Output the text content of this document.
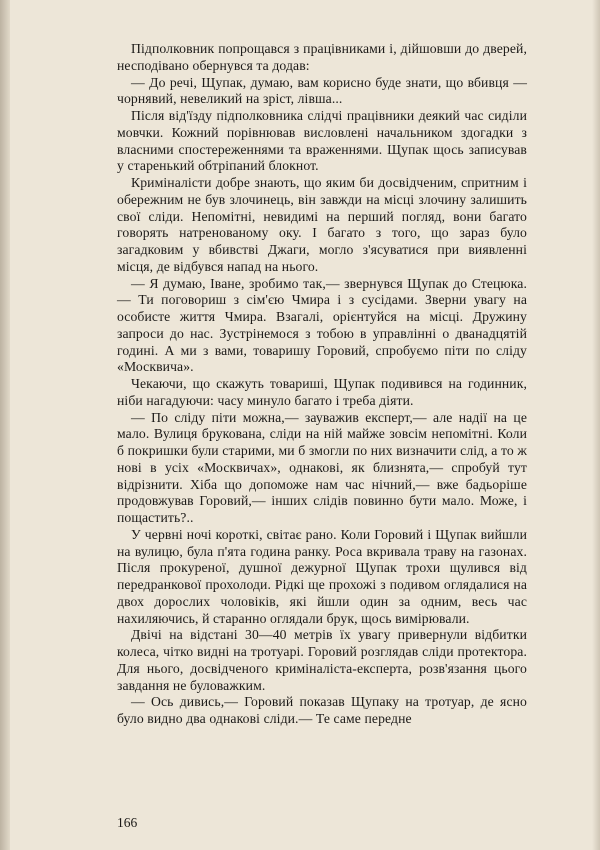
Підполковник попрощався з працівниками і, дійшовши до дверей, несподівано обернувся та додав:

— До речі, Щупак, думаю, вам корисно буде знати, що вбивця — чорнявий, невеликий на зріст, лівша...

Після від'їзду підполковника слідчі працівники деякий час сиділи мовчки. Кожний порівнював висловлені начальником здогадки з власними спостереженнями та враженнями. Щупак щось записував у старенький обтріпаний блокнот.

Криміналісти добре знають, що яким би досвідченим, спритним і обережним не був злочинець, він завжди на місці злочину залишить свої сліди. Непомітні, невидимі на перший погляд, вони багато говорять натренованому оку. І багато з того, що зараз було загадковим у вбивстві Джаги, могло з'ясуватися при виявленні місця, де відбувся напад на нього.

— Я думаю, Іване, зробимо так,— звернувся Щупак до Стецюка. — Ти поговориш з сім'єю Чмира і з сусідами. Зверни увагу на особисте життя Чмира. Взагалі, орієнтуйся на місці. Дружину запроси до нас. Зустрінемося з тобою в управлінні о дванадцятій годині. А ми з вами, товаришу Горовий, спробуємо піти по сліду «Москвича».

Чекаючи, що скажуть товариші, Щупак подивився на годинник, ніби нагадуючи: часу минуло багато і треба діяти.

— По сліду піти можна,— зауважив експерт,— але надії на це мало. Вулиця брукована, сліди на ній майже зовсім непомітні. Коли б покришки були старими, ми б змогли по них визначити слід, а то ж нові в усіх «Москвичах», однакові, як близнята,— спробуй тут відрізнити. Хіба що допоможе нам час нічний,— вже бадьоріше продовжував Горовий,— інших слідів повинно бути мало. Може, і пощастить?..

У червні ночі короткі, світає рано. Коли Горовий і Щупак вийшли на вулицю, була п'ята година ранку. Роса вкривала траву на газонах. Після прокуреної, душної дежурної Щупак трохи щулився від передранкової прохолоди. Рідкі ще прохожі з подивом оглядалися на двох дорослих чоловіків, які йшли один за одним, весь час нахиляючись, й старанно оглядали брук, щось вимірювали.

Двічі на відстані 30—40 метрів їх увагу привернули відбитки колеса, чітко видні на тротуарі. Горовий розглядав сліди протектора. Для нього, досвідченого криміналіста-експерта, розв'язання цього завдання не буловажким.

— Ось дивись,— Горовий показав Щупаку на тротуар, де ясно було видно два однакові сліди.— Те саме передне

166
